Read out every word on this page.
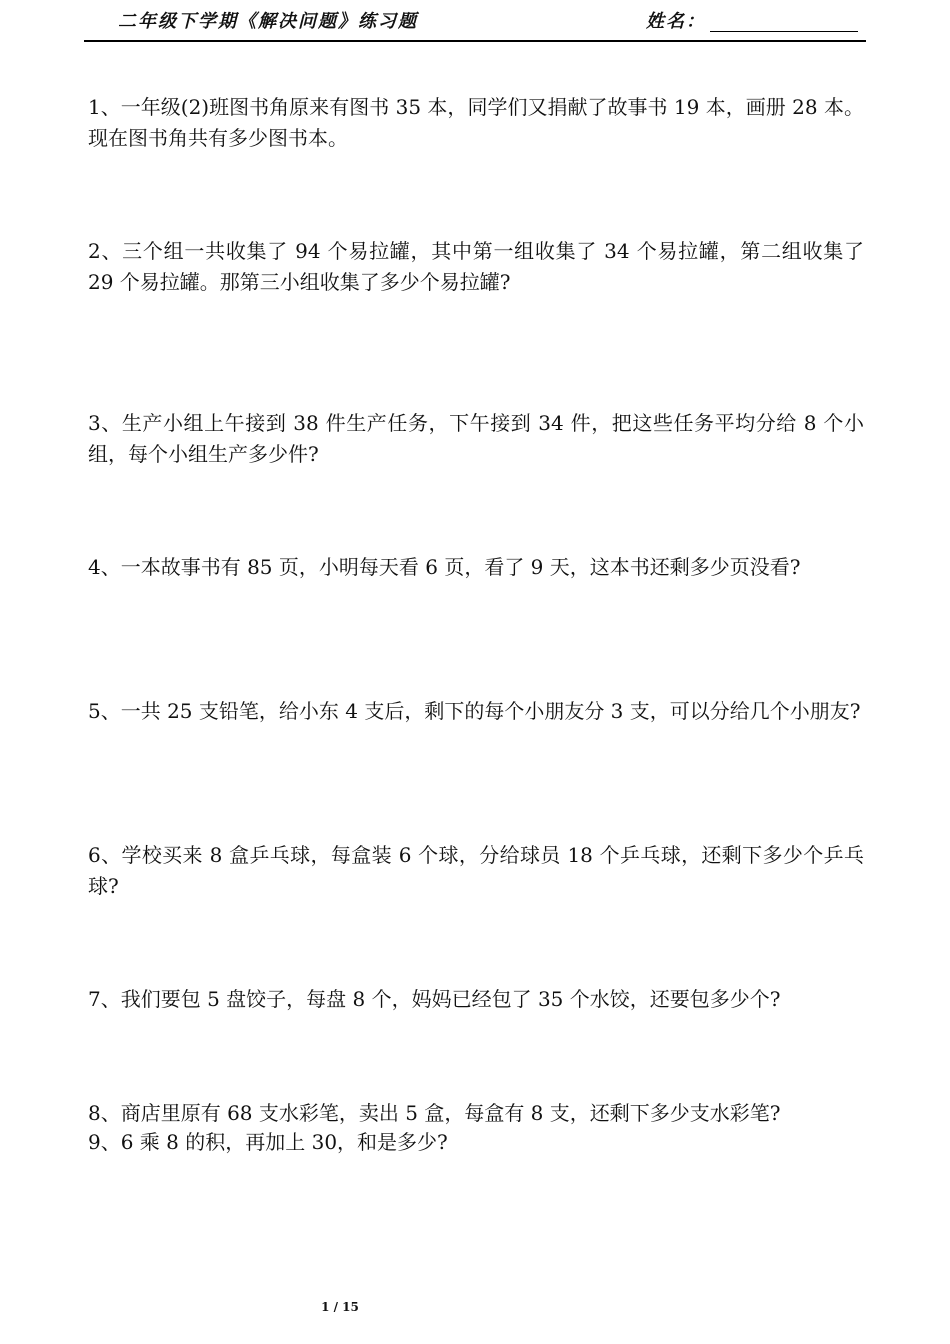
二年级下学期《解决问题》练习题	姓名：

1、一年级(2)班图书角原来有图书 35 本，同学们又捐献了故事书 19 本，画册 28 本。现在图书角共有多少图书本。

2、三个组一共收集了 94 个易拉罐，其中第一组收集了 34 个易拉罐，第二组收集了 29 个易拉罐。那第三小组收集了多少个易拉罐?

3、生产小组上午接到 38 件生产任务，下午接到 34 件，把这些任务平均分给 8 个小组，每个小组生产多少件?

4、一本故事书有 85 页，小明每天看 6 页，看了 9 天，这本书还剩多少页没看?

5、一共 25 支铅笔，给小东 4 支后，剩下的每个小朋友分 3 支，可以分给几个小朋友?

6、学校买来 8 盒乒乓球，每盒装 6 个球，分给球员 18 个乒乓球，还剩下多少个乒乓球?

7、我们要包 5 盘饺子，每盘 8 个，妈妈已经包了 35 个水饺，还要包多少个?

8、商店里原有 68 支水彩笔，卖出 5 盒，每盒有 8 支，还剩下多少支水彩笔?

9、6 乘 8 的积，再加上 30，和是多少?

1 / 15
